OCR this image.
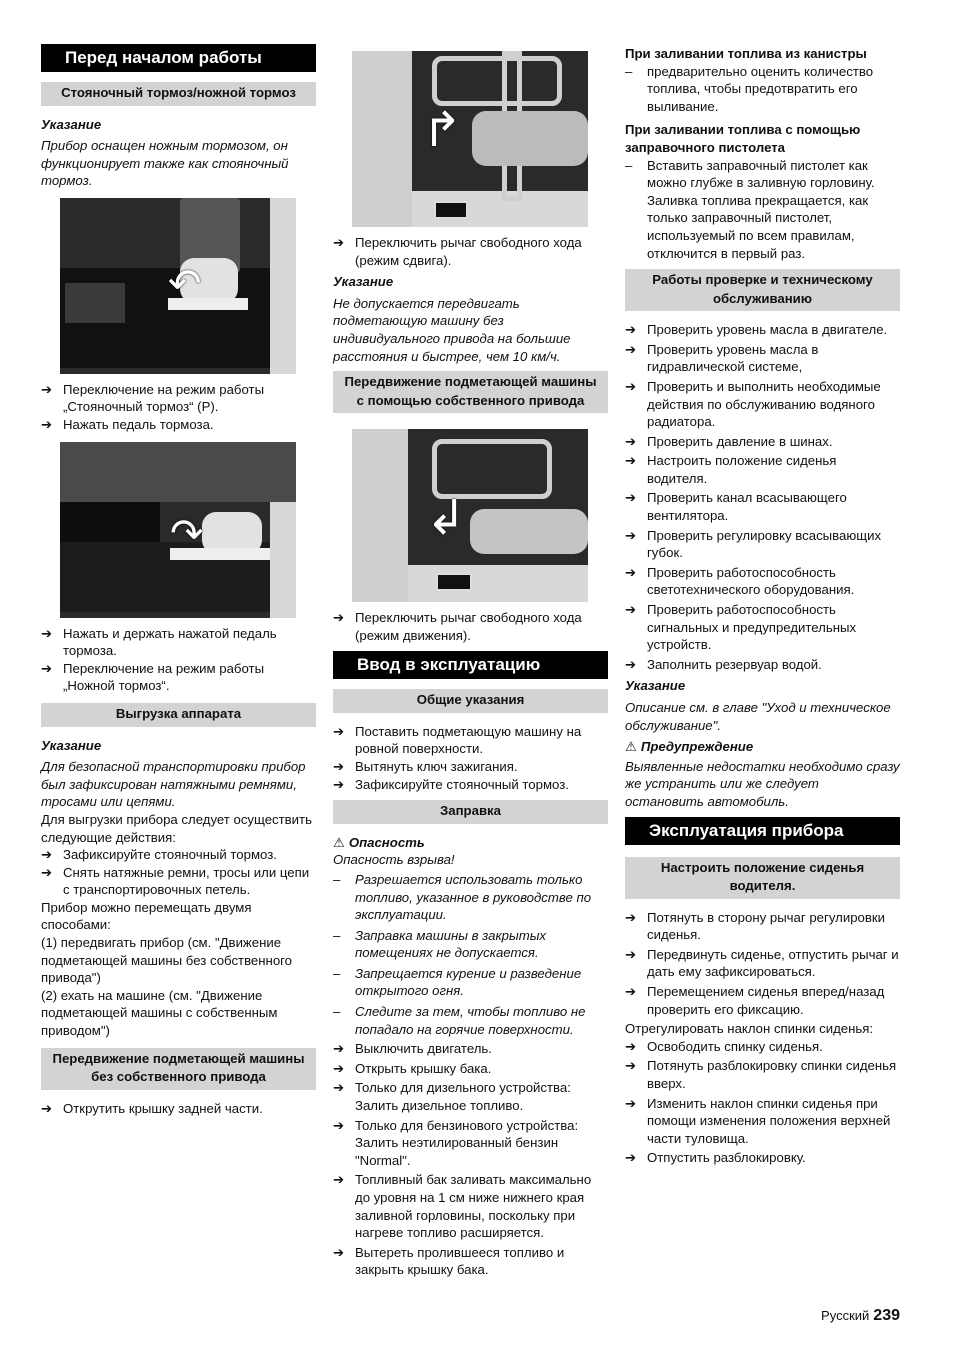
Перед началом работы
Стояночный тормоз/ножной тормоз
Указание

Прибор оснащен ножным тормозом, он функционирует также как стояночный тормоз.

↶
➔ Переключение на режим работы „Стояночный тормоз“ (Р).
➔ Нажать педаль тормоза.
↷
➔ Нажать и держать нажатой педаль тормоза.
➔ Переключение на режим работы „Ножной тормоз“.
Выгрузка аппарата
Указание

Для безопасной транспортировки прибор был зафиксирован натяжными ремнями, тросами или цепями.

Для выгрузки прибора следует осуществить следующие действия:

➔ Зафиксируйте стояночный тормоз.
➔ Снять натяжные ремни, тросы или цепи с транспортировочных петель.

Прибор можно перемещать двумя способами:

(1) передвигать прибор (см. "Движение подметающей машины без собственного привода")

(2) ехать на машине (см. "Движение подметающей машины с собственным приводом")

Передвижение подметающей машины без собственного привода
➔ Открутить крышку задней части.
↱
➔ Переключить рычаг свободного хода (режим сдвига).
Указание

Не допускается передвигать подметающую машину без индивидуального привода на большие расстояния и быстрее, чем 10 км/ч.

Передвижение подметающей машины с помощью собственного привода
↲
➔ Переключить рычаг свободного хода (режим движения).
Ввод в эксплуатацию
Общие указания
➔ Поставить подметающую машину на ровной поверхности.
➔ Вытянуть ключ зажигания.
➔ Зафиксируйте стояночный тормоз.
Заправка
⚠ Опасность

Опасность взрыва!

–	Разрешается использовать только топливо, указанное в руководстве по эксплуатации.
–	Заправка машины в закрытых помещениях не допускается.
–	Запрещается курение и разведение открытого огня.
–	Следите за тем, чтобы топливо не попадало на горячие поверхности.
➔ Выключить двигатель.
➔ Открыть крышку бака.
➔ Только для дизельного устройства: Залить дизельное топливо.
➔ Только для бензинового устройства: Залить неэтилированный бензин "Normal".
➔ Топливный бак заливать максимально до уровня на 1 см ниже нижнего края заливной горловины, поскольку при нагреве топливо расширяется.
➔ Вытереть пролившееся топливо и закрыть крышку бака.

При заливании топлива из канистры

–	предварительно оценить количество топлива, чтобы предотвратить его выливание.

При заливании топлива с помощью заправочного пистолета

–	Вставить заправочный пистолет как можно глубже в заливную горловину. Заливка топлива прекращается, как только заправочный пистолет, используемый по всем правилам, отключится в первый раз.
Работы проверке и техническому обслуживанию
➔ Проверить уровень масла в двигателе.
➔ Проверить уровень масла в гидравлической системе,
➔ Проверить и выполнить необходимые действия по обслуживанию водяного радиатора.
➔ Проверить давление в шинах.
➔ Настроить положение сиденья водителя.
➔ Проверить канал всасывающего вентилятора.
➔ Проверить регулировку всасывающих губок.
➔ Проверить работоспособность светотехнического оборудования.
➔ Проверить работоспособность сигнальных и предупредительных устройств.
➔ Заполнить резервуар водой.
Указание

Описание см. в главе "Уход и техническое обслуживание".

⚠ Предупреждение

Выявленные недостатки необходимо сразу же устранить или же следует остановить автомобиль.

Эксплуатация прибора
Настроить положение сиденья водителя.
➔ Потянуть в сторону рычаг регулировки сиденья.
➔ Передвинуть сиденье, отпустить рычаг и дать ему зафиксироваться.
➔ Перемещением сиденья вперед/назад проверить его фиксацию.

Отрегулировать наклон спинки сиденья:

➔ Освободить спинку сиденья.
➔ Потянуть разблокировку спинки сиденья вверх.
➔ Изменить наклон спинки сиденья при помощи изменения положения верхней части туловища.
➔ Отпустить разблокировку.
Русский 239
